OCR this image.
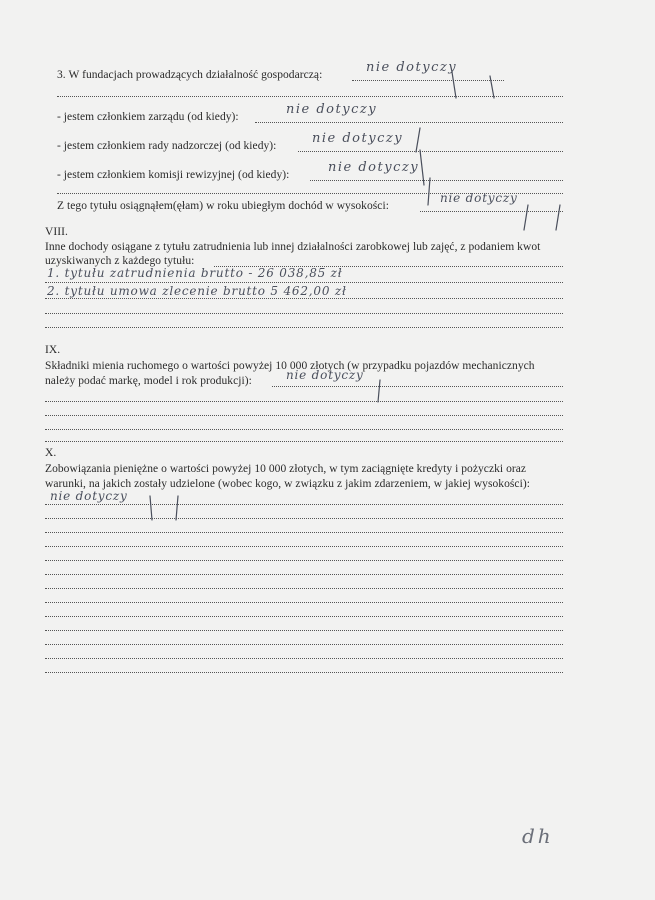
3. W fundacjach prowadzących działalność gospodarczą:	nie dotyczy
- jestem członkiem zarządu (od kiedy):	nie dotyczy
- jestem członkiem rady nadzorczej (od kiedy):	nie dotyczy
- jestem członkiem komisji rewizyjnej (od kiedy):	nie dotyczy
Z tego tytułu osiągnąłem(ęłam) w roku ubiegłym dochód w wysokości:
nie dotyczy
VIII.
Inne dochody osiągane z tytułu zatrudnienia lub innej działalności zarobkowej lub zajęć, z podaniem kwot
uzyskiwanych z każdego tytułu:
1. tytułu zatrudnienia brutto - 26 038,85 zł
2. tytułu umowa zlecenie brutto 5 462,00 zł
IX.
Składniki mienia ruchomego o wartości powyżej 10 000 złotych (w przypadku pojazdów mechanicznych
należy podać markę, model i rok produkcji):	nie dotyczy
X.
Zobowiązania pieniężne o wartości powyżej 10 000 złotych, w tym zaciągnięte kredyty i pożyczki oraz
warunki, na jakich zostały udzielone (wobec kogo, w związku z jakim zdarzeniem, w jakiej wysokości):
nie dotyczy
dh
